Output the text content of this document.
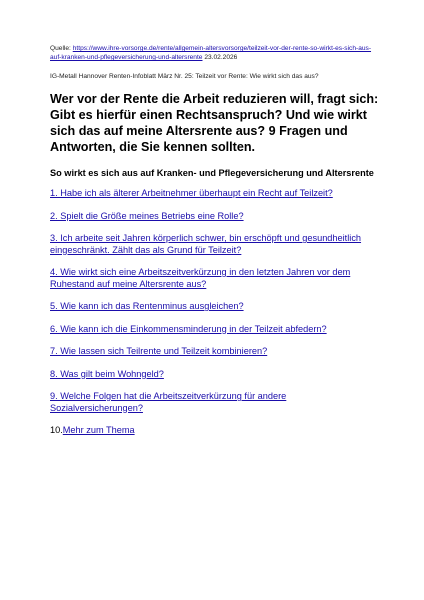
Quelle: https://www.ihre-vorsorge.de/rente/allgemein-altersvorsorge/teilzeit-vor-der-rente-so-wirkt-es-sich-aus-auf-kranken-und-pflegeversicherung-und-altersrente 23.02.2026

IG-Metall Hannover Renten-Infoblatt März Nr. 25: Teilzeit vor Rente: Wie wirkt sich das aus?

Wer vor der Rente die Arbeit reduzieren will, fragt sich: Gibt es hierfür einen Rechtsanspruch? Und wie wirkt sich das auf meine Altersrente aus? 9 Fragen und Antworten, die Sie kennen sollten.
So wirkt es sich aus auf Kranken- und Pflegeversicherung und Altersrente
1. Habe ich als älterer Arbeitnehmer überhaupt ein Recht auf Teilzeit?
2. Spielt die Größe meines Betriebs eine Rolle?
3. Ich arbeite seit Jahren körperlich schwer, bin erschöpft und gesundheitlich eingeschränkt. Zählt das als Grund für Teilzeit?
4. Wie wirkt sich eine Arbeitszeitverkürzung in den letzten Jahren vor dem Ruhestand auf meine Altersrente aus?
5. Wie kann ich das Rentenminus ausgleichen?
6. Wie kann ich die Einkommensminderung in der Teilzeit abfedern?
7. Wie lassen sich Teilrente und Teilzeit kombinieren?
8. Was gilt beim Wohngeld?
9. Welche Folgen hat die Arbeitszeitverkürzung für andere Sozialversicherungen?
10.Mehr zum Thema
